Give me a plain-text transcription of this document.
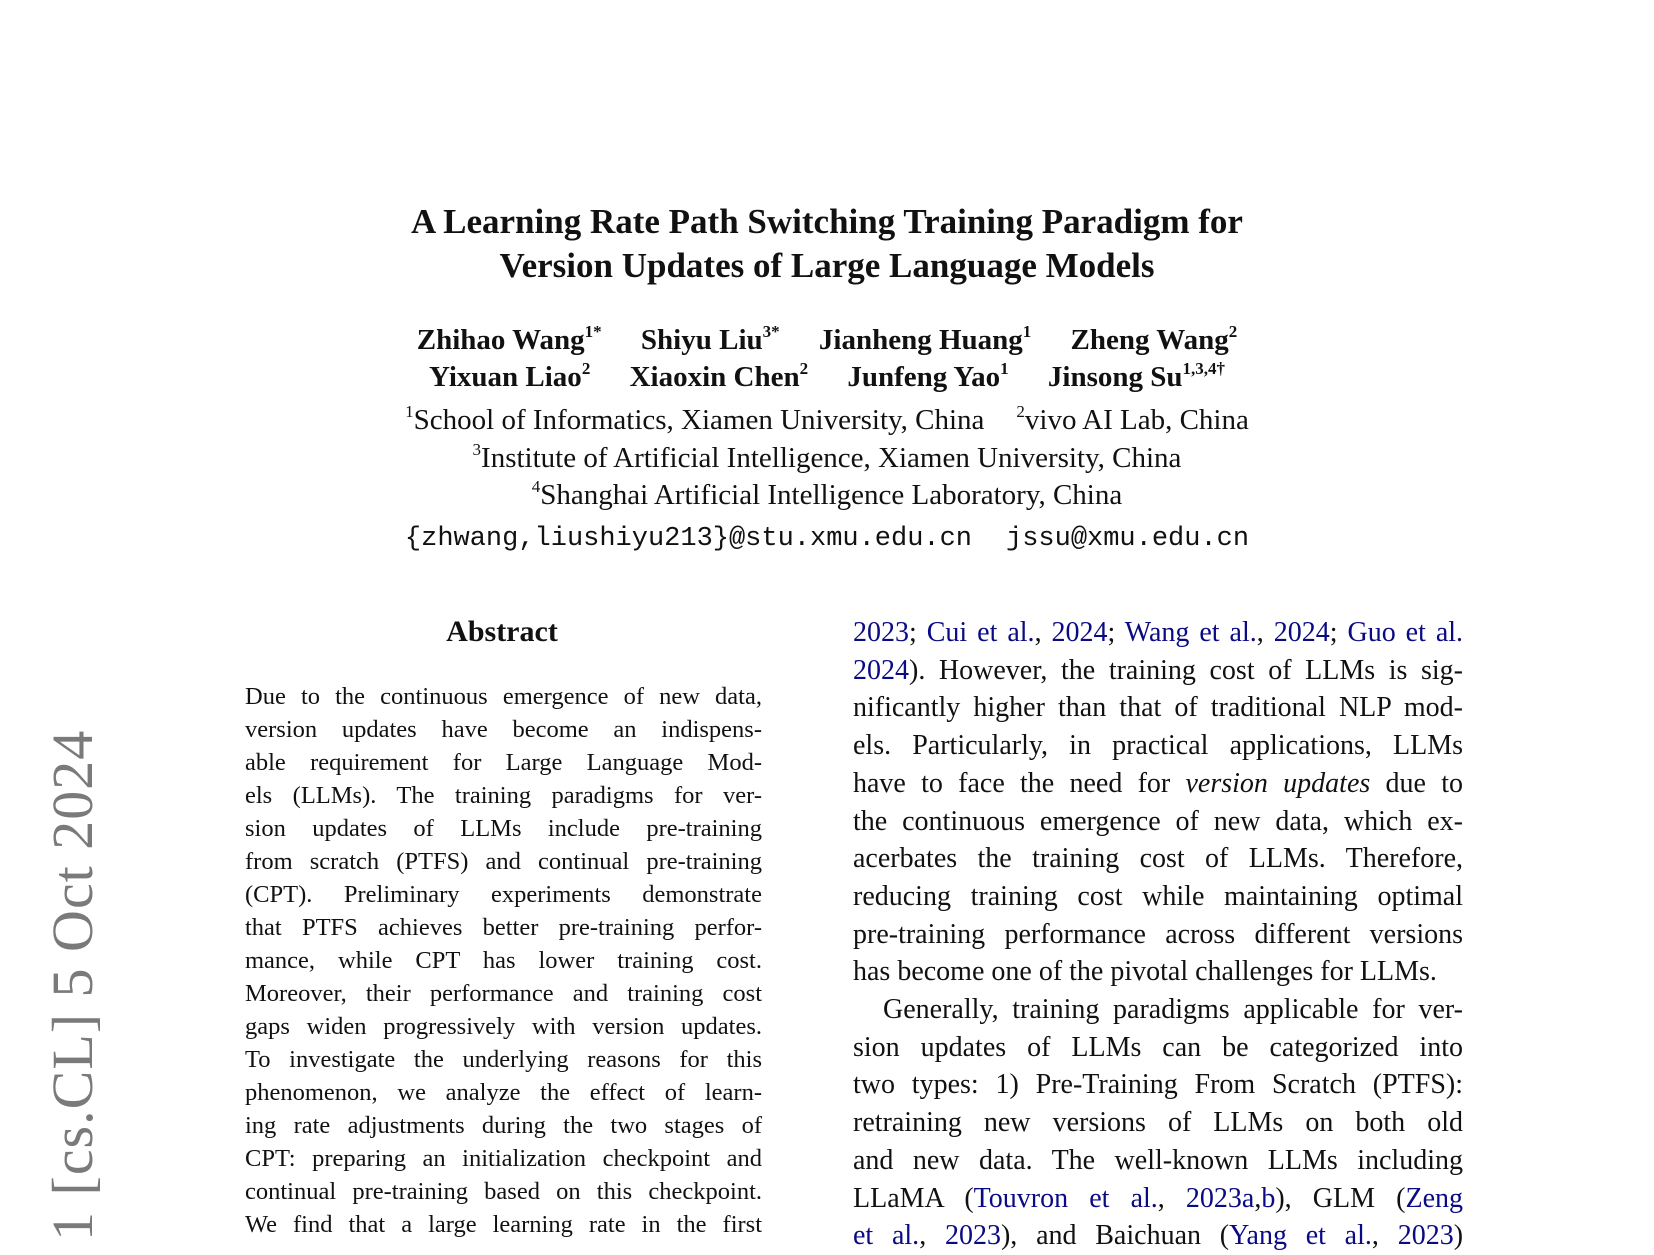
1 [cs.CL] 5 Oct 2024
A Learning Rate Path Switching Training Paradigm for
Version Updates of Large Language Models
Zhihao Wang$^{1*}$ Shiyu Liu$^{3*}$ Jianheng Huang$^1$ Zheng Wang$^2$
Yixuan Liao$^2$ Xiaoxin Chen$^2$ Junfeng Yao$^1$ Jinsong $Su^{1,3,4\dagger}$
$^1$School of Informatics, Xiamen University, China $^2$vivo AI Lab, China
$^3$Institute of Artificial Intelligence, Xiamen University, China
$^4$Shanghai Artificial Intelligence Laboratory, China
{zhwang,liushiyu213}@stu.xmu.edu.cn jssu@xmu.edu.cn
Abstract
Due to the continuous emergence of new data,
version updates have become an indispens-
able requirement for Large Language Mod-
els (LLMs). The training paradigms for ver-
sion updates of LLMs include pre-training
from scratch (PTFS) and continual pre-training
(CPT). Preliminary experiments demonstrate
that PTFS achieves better pre-training perfor-
mance, while CPT has lower training cost.
Moreover, their performance and training cost
gaps widen progressively with version updates.
To investigate the underlying reasons for this
phenomenon, we analyze the effect of learn-
ing rate adjustments during the two stages of
CPT: preparing an initialization checkpoint and
continual pre-training based on this checkpoint.
We find that a large learning rate in the first
2023; Cui et al., 2024; Wang et al., 2024; Guo et al.
2024). However, the training cost of LLMs is sig-
nificantly higher than that of traditional NLP mod-
els. Particularly, in practical applications, LLMs
have to face the need for version updates due to
the continuous emergence of new data, which ex-
acerbates the training cost of LLMs. Therefore,
reducing training cost while maintaining optimal
pre-training performance across different versions
has become one of the pivotal challenges for LLMs.
Generally, training paradigms applicable for ver-
sion updates of LLMs can be categorized into
two types: 1) Pre-Training From Scratch (PTFS):
retraining new versions of LLMs on both old
and new data. The well-known LLMs including
LLaMA (Touvron et al., 2023a,b), GLM (Zeng
et al., 2023), and Baichuan (Yang et al., 2023)
